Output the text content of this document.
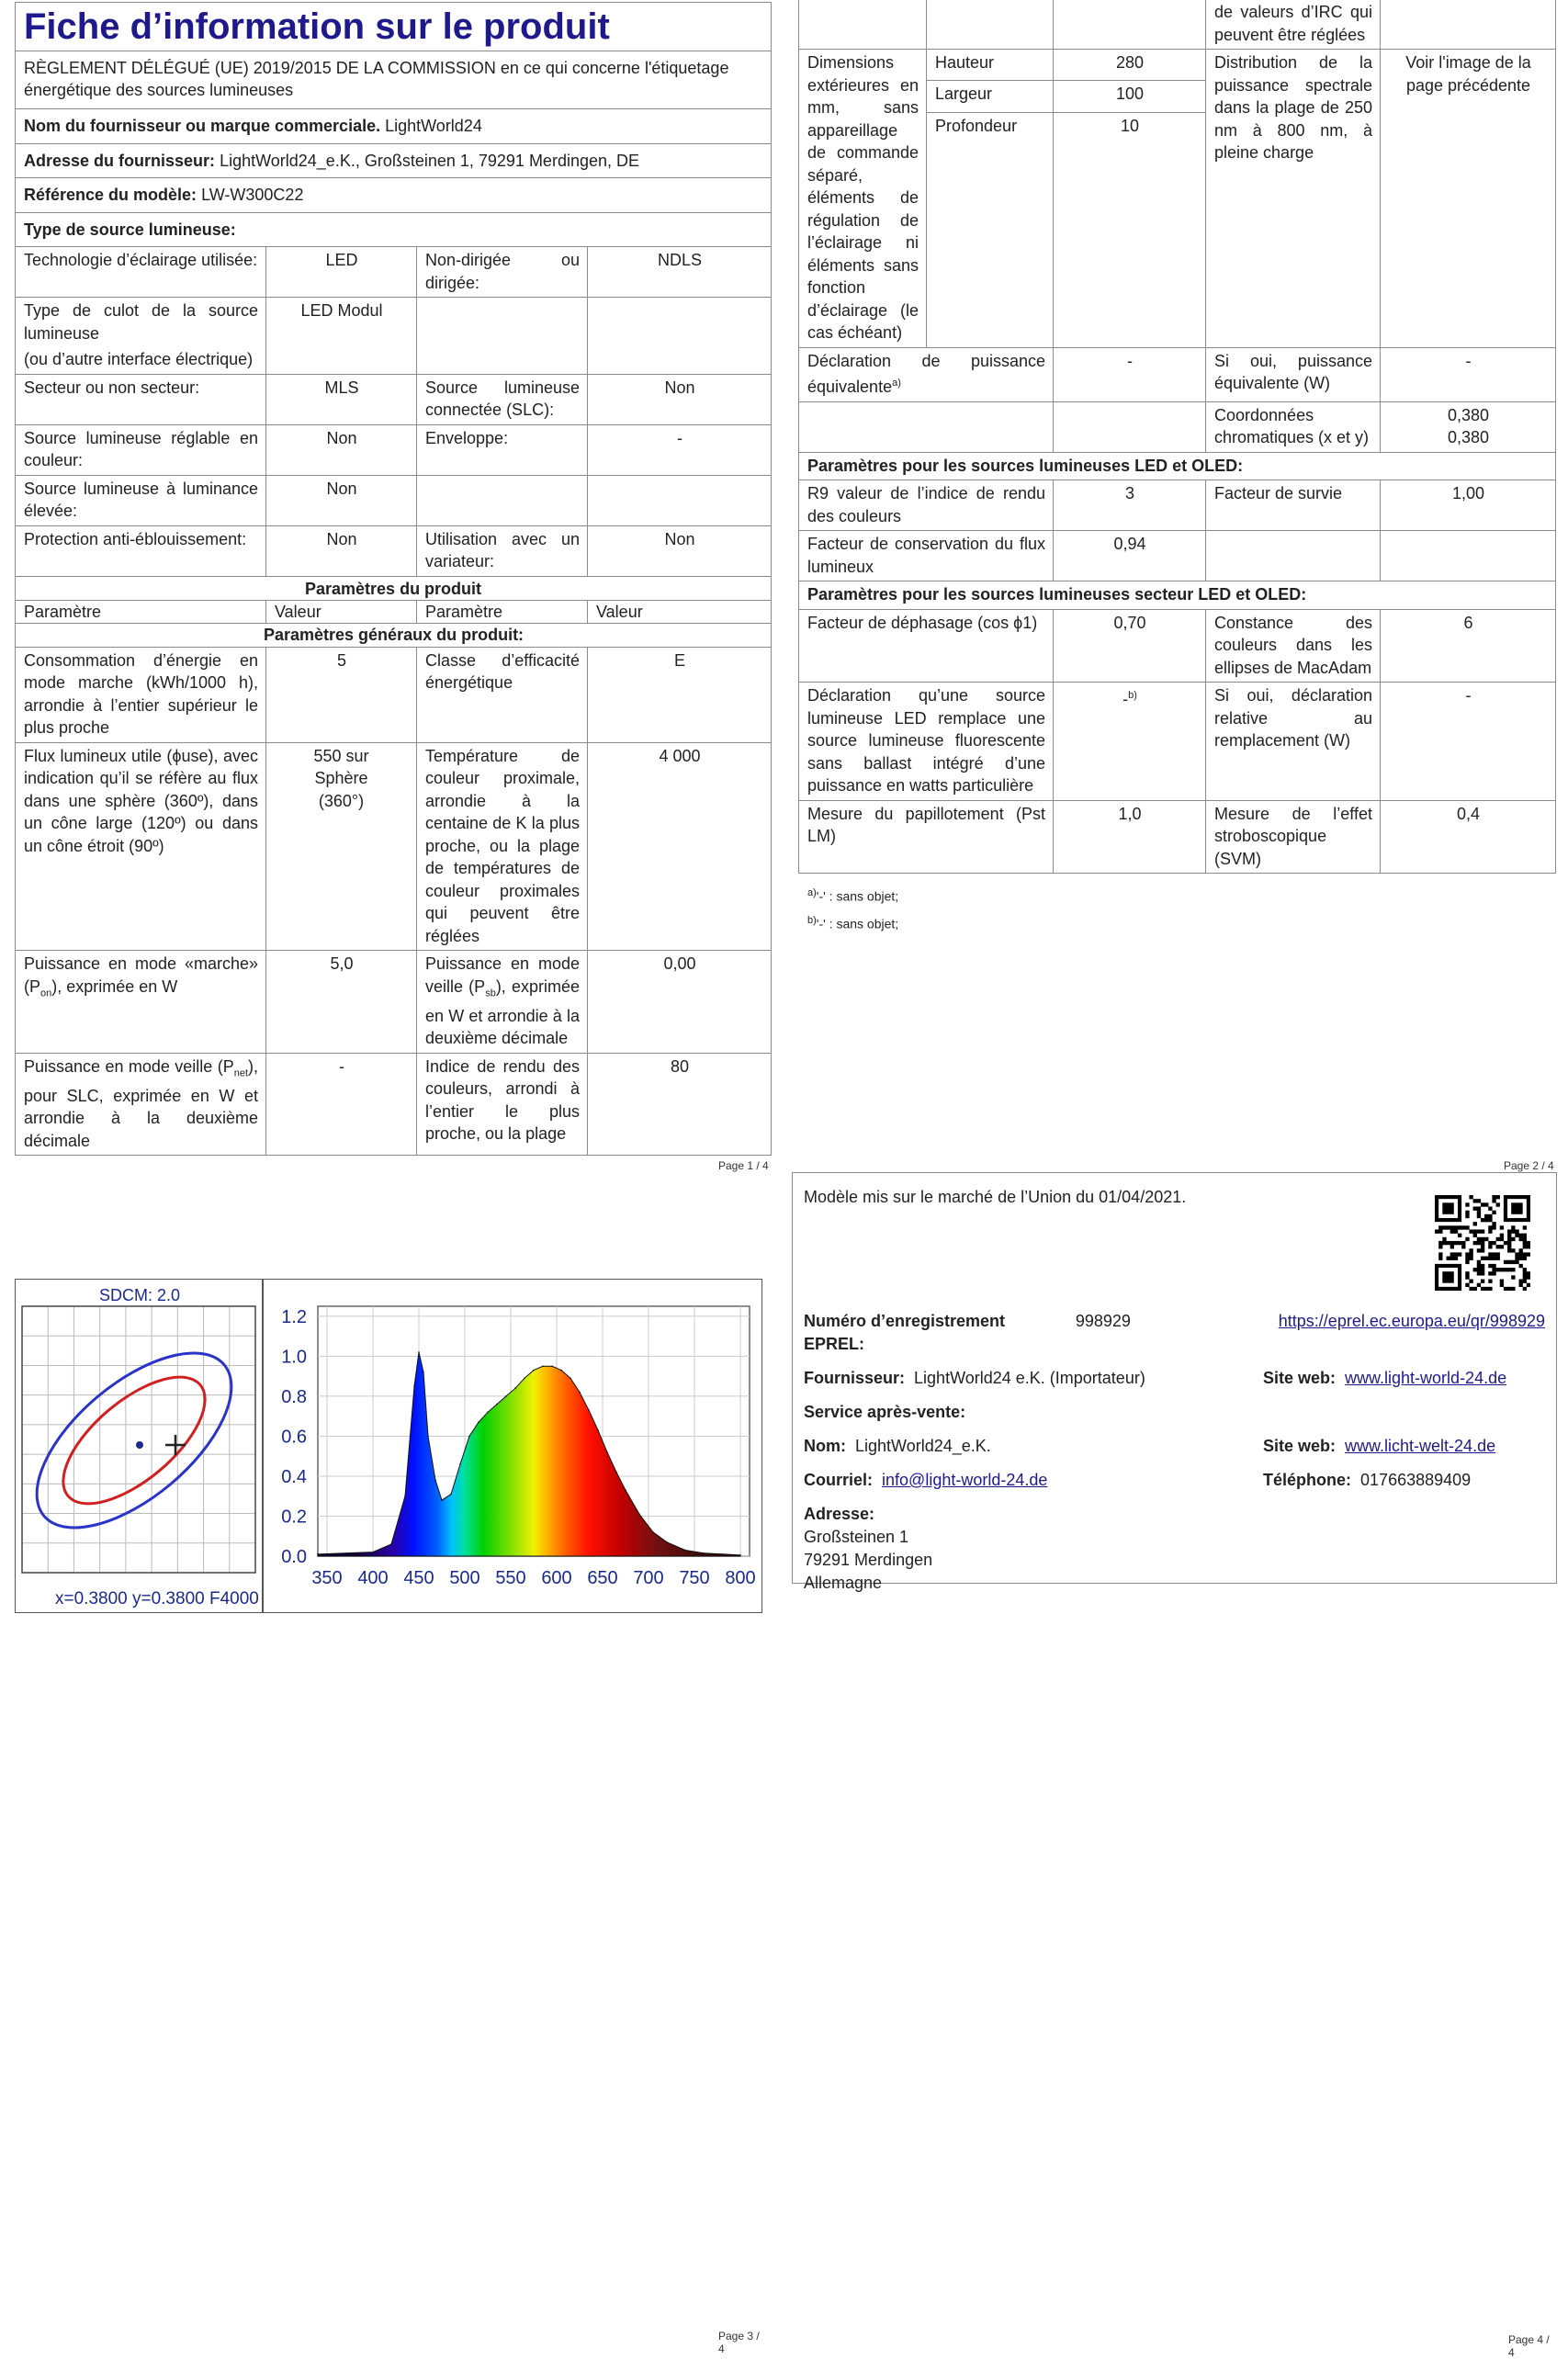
Fiche d’information sur le produit			
RÈGLEMENT DÉLÉGUÉ (UE) 2019/2015 DE LA COMMISSION en ce qui concerne l'étiquetage énergétique des sources lumineuses			
Nom du fournisseur ou marque commerciale. LightWorld24			
Adresse du fournisseur: LightWorld24_e.K., Großsteinen 1, 79291 Merdingen, DE			
Référence du modèle: LW-W300C22			
Type de source lumineuse:			
Technologie d’éclairage utilisée:	LED	Non-dirigée ou dirigée:	NDLS
Type de culot de la source lumineuse
(ou d’autre interface électrique)	LED Modul		
Secteur ou non secteur:	MLS	Source lumineuse connectée (SLC):	Non
Source lumineuse réglable en couleur:	Non	Enveloppe:	-
Source lumineuse à luminance élevée:	Non		
Protection anti-éblouissement:	Non	Utilisation avec un variateur:	Non
Paramètres du produit			
Paramètre	Valeur	Paramètre	Valeur
Paramètres généraux du produit:			
Consommation d’énergie en mode marche (kWh/1000 h), arrondie à l’entier supérieur le plus proche	5	Classe d’efficacité énergétique	E
Flux lumineux utile (ϕuse), avec indication qu’il se réfère au flux dans une sphère (360º), dans un cône large (120º) ou dans un cône étroit (90º)	550 sur Sphère (360°)	Température de couleur proximale, arrondie à la centaine de K la plus proche, ou la plage de températures de couleur proximales qui peuvent être réglées	4 000
Puissance en mode «marche» $(P_{on})$, exprimée en W	5,0	Puissance en mode veille $(P_{sb})$, exprimée en W et arrondie à la deuxième décimale	0,00
Puissance en mode veille $(P_{net})$, pour SLC, exprimée en W et arrondie à la deuxième décimale	-	Indice de rendu des couleurs, arrondi à l’entier le plus proche, ou la plage	80
Page 1 / 4
			de valeurs d’IRC qui peuvent être réglées	
Dimensions extérieures en mm, sans appareillage de commande séparé, éléments de régulation de l’éclairage ni éléments sans fonction d’éclairage (le cas échéant)	Hauteur	280	Distribution de la puissance spectrale dans la plage de 250 nm à 800 nm, à pleine charge	Voir l'image de la page précédente
	Largeur	100		
	Profondeur	10		
Déclaration de puissance équivalente$^{a)}$		-	Si oui, puissance équivalente (W)	-
			Coordonnées chromatiques (x et y)	0,380
0,380

Paramètres pour les sources lumineuses LED et OLED:				
R9 valeur de l’indice de rendu des couleurs		3	Facteur de survie	1,00
Facteur de conservation du flux lumineux		0,94		
Paramètres pour les sources lumineuses secteur LED et OLED:				
Facteur de déphasage (cos ϕ1)		0,70	Constance des couleurs dans les ellipses de MacAdam	6
Déclaration qu’une source lumineuse LED remplace une source lumineuse fluorescente sans ballast intégré d’une puissance en watts particulière		-$^{b)}$	Si oui, déclaration relative au remplacement (W)	-
Mesure du papillotement (Pst LM)		1,0	Mesure de l’effet stroboscopique (SVM)	0,4
$^{a)}$'-' : sans objet;
$^{b)}$'-' : sans objet;
Page 2 / 4
SDCM: 2.0
x=0.3800 y=0.3800 F4000
350 400 450 500 550 600 650 700 750 800
0.0
0.2
0.4
0.6
0.8
1.0
1.2
Page 3 / 4
Modèle mis sur le marché de l’Union du 01/04/2021.
Numéro d’enregistrement EPREL:

998929	https://eprel.ec.europa.eu/qr/998929
Fournisseur: LightWorld24 e.K. (Importateur)	Site web:
www.light-world-24.de
Service après-vente:
Nom: LightWorld24_e.K.	Site web:
www.licht-welt-24.de
Courriel: info@light-world-24.de	Téléphone:
017663889409
Adresse:
Großsteinen 1
79291 Merdingen
Allemagne
Page 4 / 4
